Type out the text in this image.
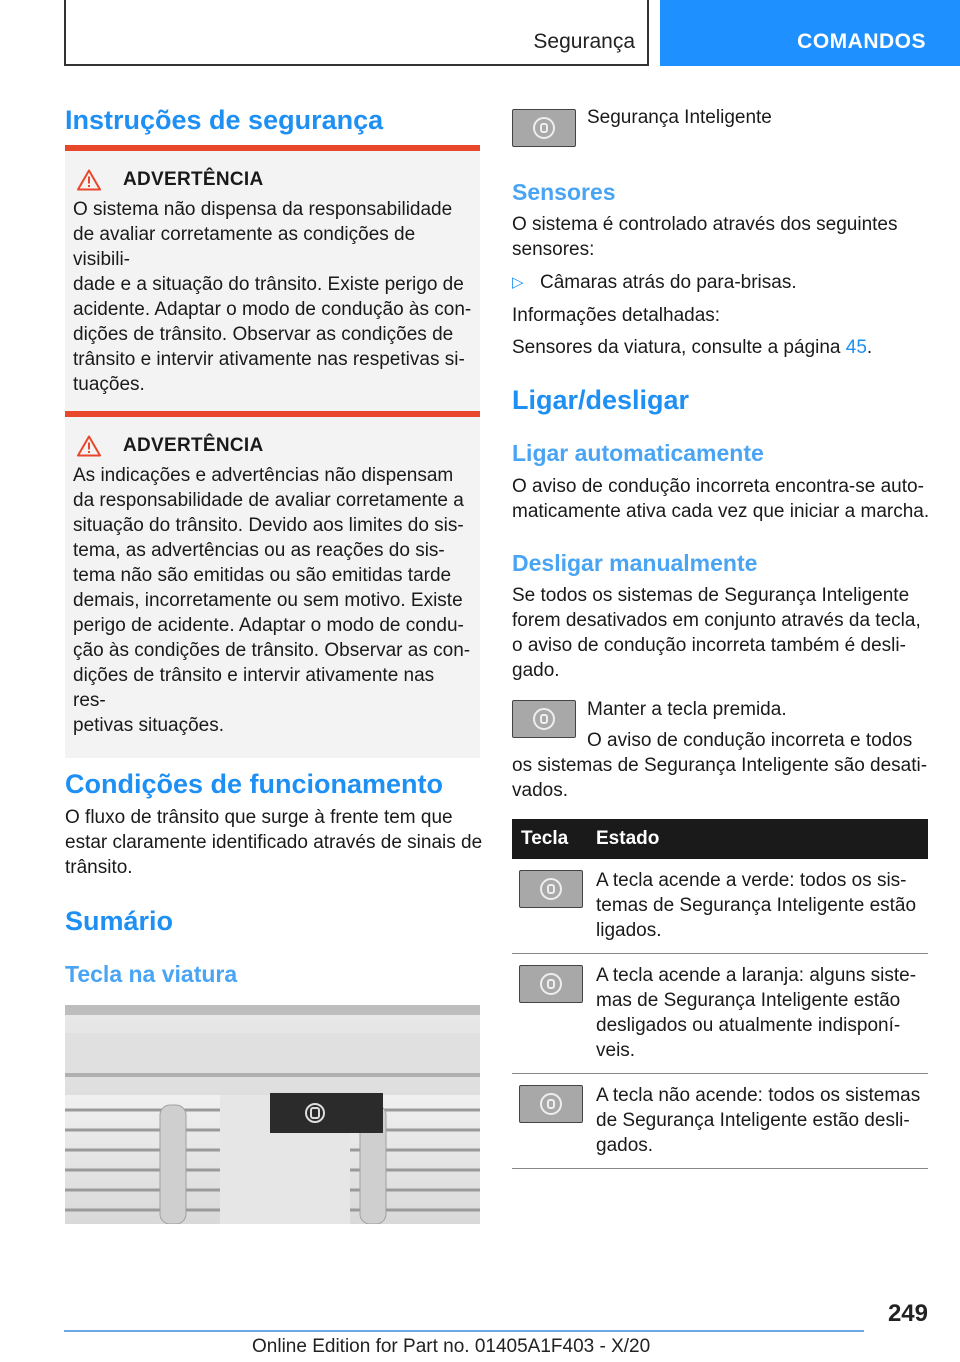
Segurança	COMANDOS
Instruções de segurança
ADVERTÊNCIA

O sistema não dispensa da responsabilidade
de avaliar corretamente as condições de visibili-
dade e a situação do trânsito. Existe perigo de
acidente. Adaptar o modo de condução às con-
dições de trânsito. Observar as condições de
trânsito e intervir ativamente nas respetivas si-
tuações.

ADVERTÊNCIA

As indicações e advertências não dispensam
da responsabilidade de avaliar corretamente a
situação do trânsito. Devido aos limites do sis-
tema, as advertências ou as reações do sis-
tema não são emitidas ou são emitidas tarde
demais, incorretamente ou sem motivo. Existe
perigo de acidente. Adaptar o modo de condu-
ção às condições de trânsito. Observar as con-
dições de trânsito e intervir ativamente nas res-
petivas situações.

Condições de funcionamento

O fluxo de trânsito que surge à frente tem que
estar claramente identificado através de sinais de
trânsito.

Sumário
Tecla na viatura

Segurança Inteligente

Sensores

O sistema é controlado através dos seguintes
sensores:

▷ Câmaras atrás do para-brisas.

Informações detalhadas:

Sensores da viatura, consulte a página 45.

Ligar/desligar
Ligar automaticamente

O aviso de condução incorreta encontra-se auto-
maticamente ativa cada vez que iniciar a marcha.

Desligar manualmente

Se todos os sistemas de Segurança Inteligente
forem desativados em conjunto através da tecla,
o aviso de condução incorreta também é desli-
gado.

Manter a tecla premida.

O aviso de condução incorreta e todos

os sistemas de Segurança Inteligente são desati-
vados.

Tecla	Estado
A tecla acende a verde: todos os sis-
temas de Segurança Inteligente estão
ligados.
A tecla acende a laranja: alguns siste-
mas de Segurança Inteligente estão
desligados ou atualmente indisponí-
veis.
A tecla não acende: todos os sistemas
de Segurança Inteligente estão desli-
gados.
249
Online Edition for Part no. 01405A1F403 - X/20
